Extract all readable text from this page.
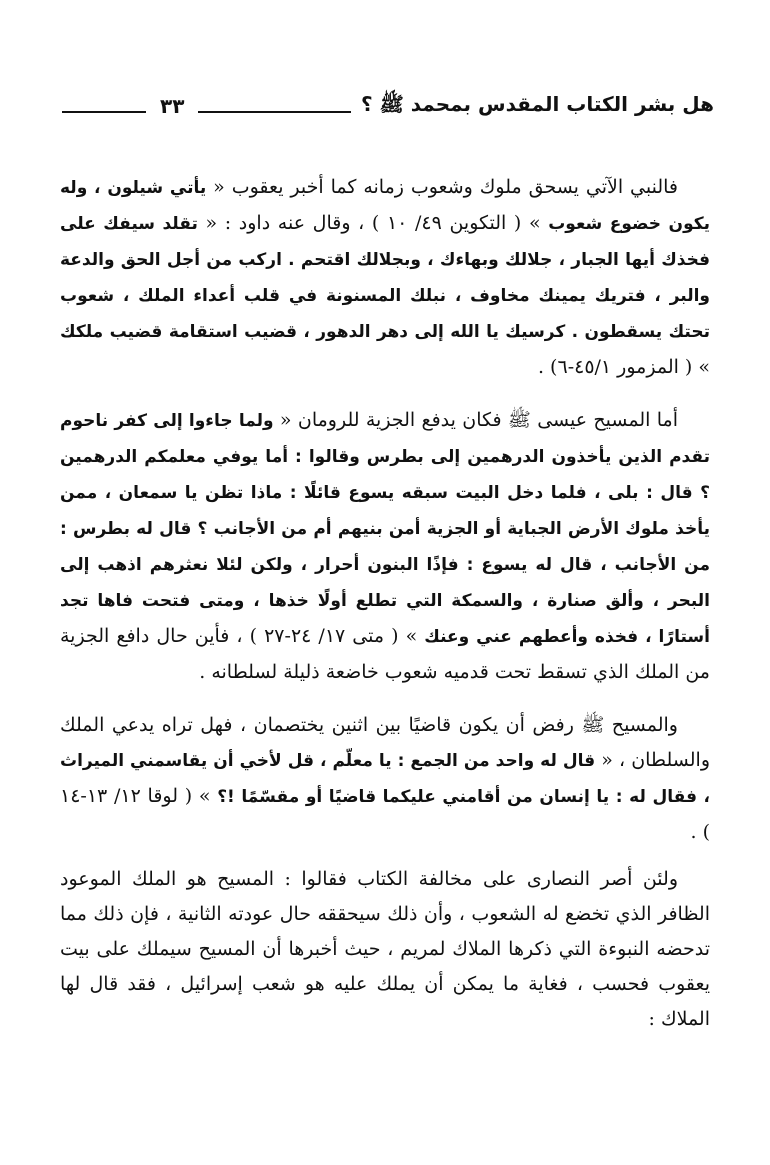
هل بشر الكتاب المقدس بمحمد ﷺ ؟
٣٣

فالنبي الآتي يسحق ملوك وشعوب زمانه كما أخبر يعقوب « يأتي شيلون ، وله يكون خضوع شعوب » ( التكوين ٤٩/ ١٠ ) ، وقال عنه داود : « تقلد سيفك على فخذك أيها الجبار ، جلالك وبهاءك ، وبجلالك اقتحم . اركب من أجل الحق والدعة والبر ، فتريك يمينك مخاوف ، نبلك المسنونة في قلب أعداء الملك ، شعوب تحتك يسقطون . كرسيك يا الله إلى دهر الدهور ، قضيب استقامة قضيب ملكك » ( المزمور ٤٥/١-٦) .

أما المسيح عيسى ﷺ فكان يدفع الجزية للرومان « ولما جاءوا إلى كفر ناحوم تقدم الذين يأخذون الدرهمين إلى بطرس وقالوا : أما يوفي معلمكم الدرهمين ؟ قال : بلى ، فلما دخل البيت سبقه يسوع قائلًا : ماذا تظن يا سمعان ، ممن يأخذ ملوك الأرض الجباية أو الجزية أمن بنيهم أم من الأجانب ؟ قال له بطرس : من الأجانب ، قال له يسوع : فإذًا البنون أحرار ، ولكن لئلا نعثرهم اذهب إلى البحر ، وألق صنارة ، والسمكة التي تطلع أولًا خذها ، ومتى فتحت فاها تجد أستارًا ، فخذه وأعطهم عني وعنك » ( متى ١٧/ ٢٤-٢٧ ) ، فأين حال دافع الجزية من الملك الذي تسقط تحت قدميه شعوب خاضعة ذليلة لسلطانه .

والمسيح ﷺ رفض أن يكون قاضيًا بين اثنين يختصمان ، فهل تراه يدعي الملك والسلطان ، « قال له واحد من الجمع : يا معلّم ، قل لأخي أن يقاسمني الميراث ، فقال له : يا إنسان من أقامني عليكما قاضيًا أو مقسّمًا !؟ » ( لوقا ١٢/ ١٣-١٤ ) .

ولئن أصر النصارى على مخالفة الكتاب فقالوا : المسيح هو الملك الموعود الظافر الذي تخضع له الشعوب ، وأن ذلك سيحققه حال عودته الثانية ، فإن ذلك مما تدحضه النبوءة التي ذكرها الملاك لمريم ، حيث أخبرها أن المسيح سيملك على بيت يعقوب فحسب ، فغاية ما يمكن أن يملك عليه هو شعب إسرائيل ، فقد قال لها الملاك :
